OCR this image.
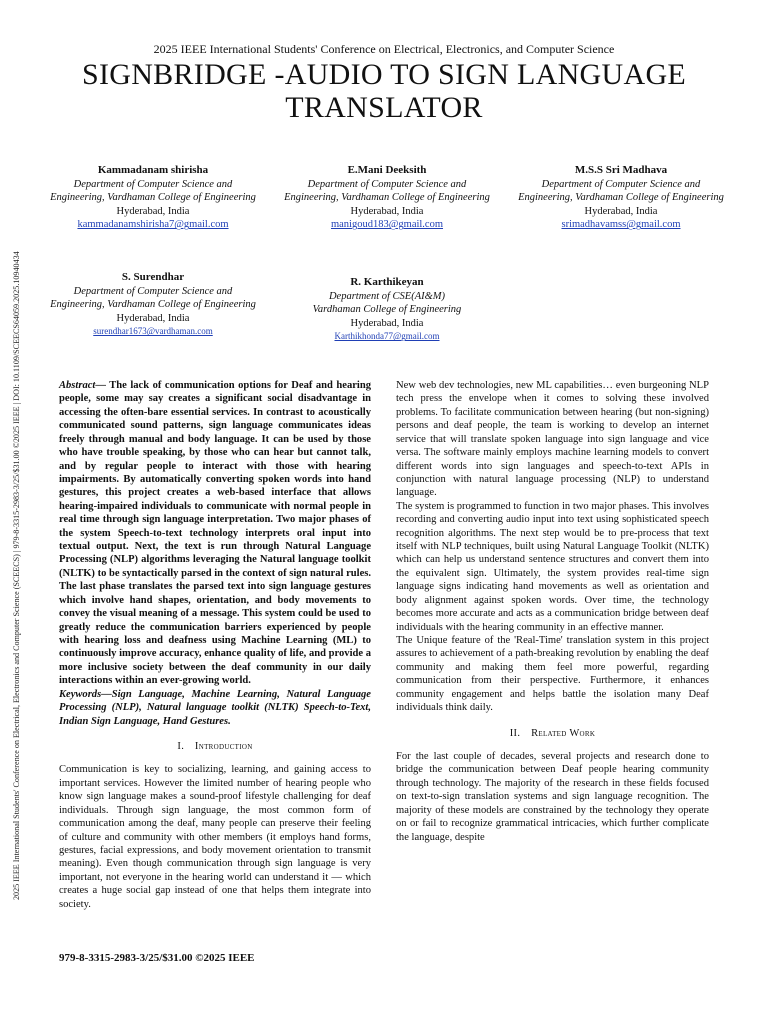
2025 IEEE International Students' Conference on Electrical, Electronics and Computer Science (SCEECS) | 979-8-3315-2983-3/25/$31.00 ©2025 IEEE | DOI: 10.1109/SCEECS64059.2025.10940434
2025 IEEE International Students' Conference on Electrical, Electronics, and Computer Science
SIGNBRIDGE -AUDIO TO SIGN LANGUAGE TRANSLATOR
Kammadanam shirisha
Department of Computer Science and Engineering, Vardhaman College of Engineering
Hyderabad, India
kammadanamshirisha7@gmail.com
E.Mani Deeksith
Department of Computer Science and Engineering, Vardhaman College of Engineering
Hyderabad, India
manigoud183@gmail.com
M.S.S Sri Madhava
Department of Computer Science and Engineering, Vardhaman College of Engineering
Hyderabad, India
srimadhavamss@gmail.com
S. Surendhar
Department of Computer Science and Engineering, Vardhaman College of Engineering
Hyderabad, India
surendhar1673@vardhaman.com
R. Karthikeyan
Department of CSE(AI&M)
Vardhaman College of Engineering
Hyderabad, India
Karthikhonda77@gmail.com

Abstract— The lack of communication options for Deaf and hearing people, some may say creates a significant social disadvantage in accessing the often-bare essential services. In contrast to acoustically communicated sound patterns, sign language communicates ideas freely through manual and body language. It can be used by those who have trouble speaking, by those who can hear but cannot talk, and by regular people to interact with those with hearing impairments. By automatically converting spoken words into hand gestures, this project creates a web-based interface that allows hearing-impaired individuals to communicate with normal people in real time through sign language interpretation. Two major phases of the system Speech-to-text technology interprets oral input into textual output. Next, the text is run through Natural Language Processing (NLP) algorithms leveraging the Natural language toolkit (NLTK) to be syntactically parsed in the context of sign natural rules. The last phase translates the parsed text into sign language gestures which involve hand shapes, orientation, and body movements to convey the visual meaning of a message. This system could be used to greatly reduce the communication barriers experienced by people with hearing loss and deafness using Machine Learning (ML) to continuously improve accuracy, enhance quality of life, and provide a more inclusive society between the deaf community in our daily interactions within an ever-growing world.

Keywords—Sign Language, Machine Learning, Natural Language Processing (NLP), Natural language toolkit (NLTK) Speech-to-Text, Indian Sign Language, Hand Gestures.

I. Introduction

Communication is key to socializing, learning, and gaining access to important services. However the limited number of hearing people who know sign language makes a sound-proof lifestyle challenging for deaf individuals. Through sign language, the most common form of communication among the deaf, many people can preserve their feeling of culture and community with other members (it employs hand forms, gestures, facial expressions, and body movement orientation to transmit meaning). Even though communication through sign language is very important, not everyone in the hearing world can understand it — which creates a huge social gap instead of one that helps them integrate into society.

New web dev technologies, new ML capabilities… even burgeoning NLP tech press the envelope when it comes to solving these involved problems. To facilitate communication between hearing (but non-signing) persons and deaf people, the team is working to develop an internet service that will translate spoken language into sign language and vice versa. The software mainly employs machine learning models to convert different words into sign languages and speech-to-text APIs in conjunction with natural language processing (NLP) to understand language.

The system is programmed to function in two major phases. This involves recording and converting audio input into text using sophisticated speech recognition algorithms. The next step would be to pre-process that text itself with NLP techniques, built using Natural Language Toolkit (NLTK) which can help us understand sentence structures and convert them into the equivalent sign. Ultimately, the system provides real-time sign language signs indicating hand movements as well as orientation and body alignment against spoken words. Over time, the technology becomes more accurate and acts as a communication bridge between deaf individuals with the hearing community in an effective manner.

The Unique feature of the 'Real-Time' translation system in this project assures to achievement of a path-breaking revolution by enabling the deaf community and making them feel more powerful, regarding communication from their perspective. Furthermore, it enhances community engagement and helps battle the isolation many Deaf individuals think daily.

II. Related Work

For the last couple of decades, several projects and research done to bridge the communication between Deaf people hearing community through technology. The majority of the research in these fields focused on text-to-sign translation systems and sign language recognition. The majority of these models are constrained by the technology they operate on or fail to recognize grammatical intricacies, which further complicate the language, despite

979-8-3315-2983-3/25/$31.00 ©2025 IEEE
